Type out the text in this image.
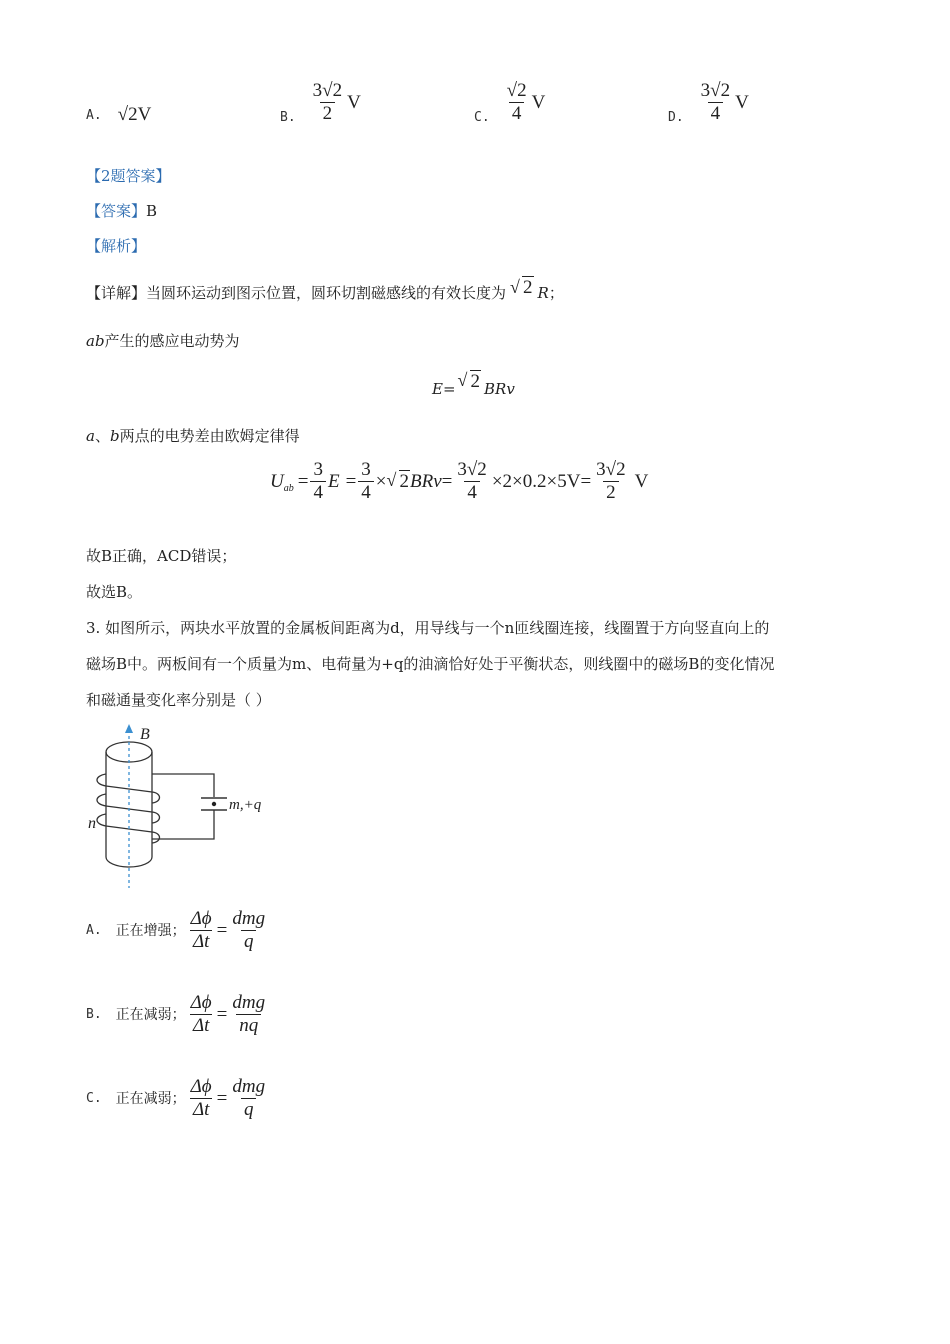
A. √2V	B. $\frac{3√2}{2}$ V
C. $\frac{√2}{4}$ V
D. $\frac{3√2}{4}$ V
【2题答案】
【答案】B
【解析】
【详解】 当圆环运动到图示位置，圆环切割磁感线的有效长度为 √ 2 R ；
ab产生的感应电动势为
E= √ 2 BRv
a、b两点的电势差由欧姆定律得
U ab = $\frac{3}{4}$ $E = \frac{3}{4}$ × √ 2 BRv = $\frac{3√2}{4} \times 2\times 0.2\times 5V = \frac{3√2}{2}$ V
故B正确，ACD错误；
故选B。
3. 如图所示，两块水平放置的金属板间距离为d，用导线与一个n匝线圈连接，线圈置于方向竖直向上的
磁场B中。两板间有一个质量为m、电荷量为+q的油滴恰好处于平衡状态，则线圈中的磁场B的变化情况
和磁通量变化率分别是（ ）
B
n
m,+q
A. 正在增强； $\frac{\Delta\phi}{\Delta t} = \frac{\text{dmg}}{q}$
B. 正在减弱； $\frac{\Delta\phi}{\Delta t} = \frac{\text{dmg}}{nq}$
C. 正在减弱； $\frac{\Delta\phi}{\Delta t} = \frac{\text{dmg}}{q}$
